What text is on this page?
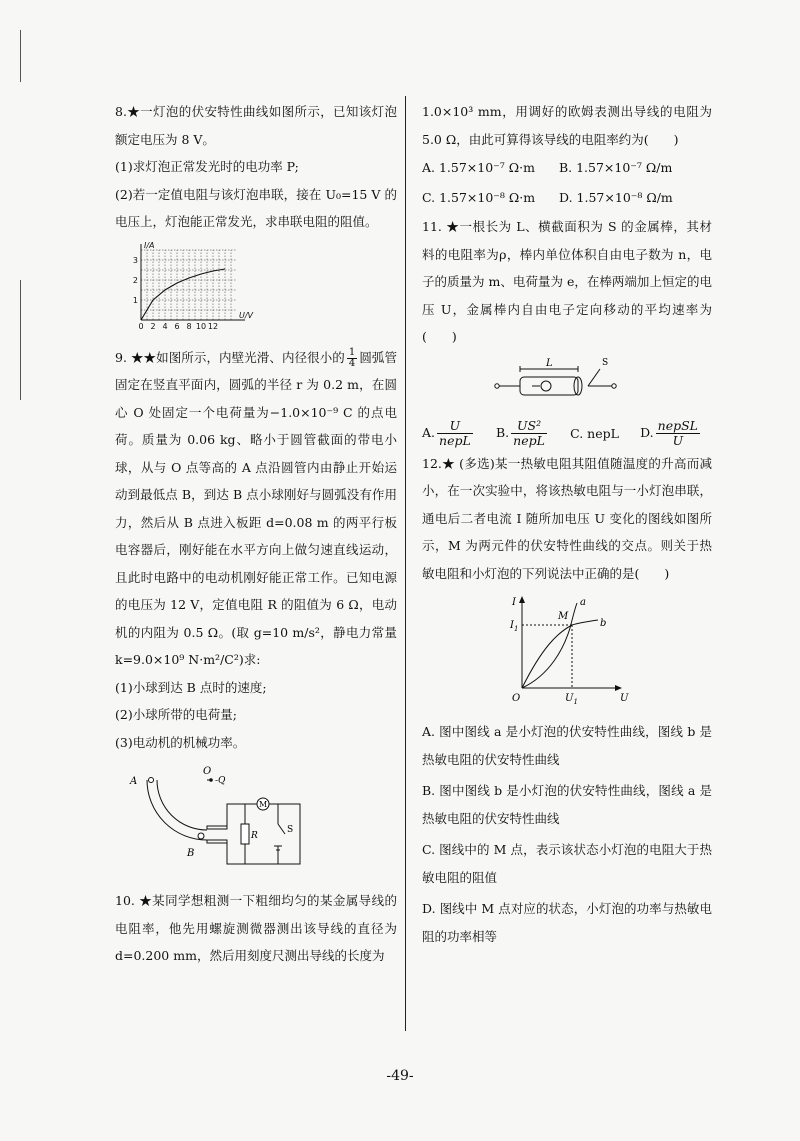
8.★一灯泡的伏安特性曲线如图所示，已知该灯泡额定电压为 8 V。

(1)求灯泡正常发光时的电功率 P;

(2)若一定值电阻与该灯泡串联，接在 U₀=15 V 的电压上，灯泡能正常发光，求串联电阻的阻值。

0 2 4 6 8 10 12
1
2
3
U/V
I/A

9. ★★如图所示，内壁光滑、内径很小的 $\frac{1}{4}$ 圆弧管固定在竖直平面内，圆弧的半径 r 为 0.2 m，在圆心 O 处固定一个电荷量为−1.0×10⁻⁹ C 的点电荷。质量为 0.06 kg、略小于圆管截面的带电小球，从与 O 点等高的 A 点沿圆管内由静止开始运动到最低点 B，到达 B 点小球刚好与圆弧没有作用力，然后从 B 点进入板距 d=0.08 m 的两平行板电容器后，刚好能在水平方向上做匀速直线运动，且此时电路中的电动机刚好能正常工作。已知电源的电压为 12 V，定值电阻 R 的阻值为 6 Ω，电动机的内阻为 0.5 Ω。(取 g=10 m/s²，静电力常量 k=9.0×10⁹ N·m²/C²)求:

(1)小球到达 B 点时的速度;

(2)小球所带的电荷量;

(3)电动机的机械功率。

A
O
-Q
B
R
M
S

10. ★某同学想粗测一下粗细均匀的某金属导线的电阻率，他先用螺旋测微器测出该导线的直径为 d=0.200 mm，然后用刻度尺测出导线的长度为

1.0×10³ mm，用调好的欧姆表测出导线的电阻为 5.0 Ω，由此可算得该导线的电阻率约为(　　)

A. 1.57×10⁻⁷ Ω·m B. 1.57×10⁻⁷ Ω/m
C. 1.57×10⁻⁸ Ω·m D. 1.57×10⁻⁸ Ω/m

11. ★一根长为 L、横截面积为 S 的金属棒，其材料的电阻率为ρ，棒内单位体积自由电子数为 n，电子的质量为 m、电荷量为 e，在棒两端加上恒定的电压 U，金属棒内自由电子定向移动的平均速率为(　　)

L	S
A. $\frac{U}{\text{nepL}} B$. $\frac{\text{US²}}{\text{nepL}} C$. nepL D. $\frac{\text{nepSL}}{U}$

12.★ (多选)某一热敏电阻其阻值随温度的升高而减小，在一次实验中，将该热敏电阻与一小灯泡串联，通电后二者电流 I 随所加电压 U 变化的图线如图所示，M 为两元件的伏安特性曲线的交点。则关于热敏电阻和小灯泡的下列说法中正确的是(　　)

I
$I_1$
O	$U_1$	U
a
b
M

A. 图中图线 a 是小灯泡的伏安特性曲线，图线 b 是热敏电阻的伏安特性曲线

B. 图中图线 b 是小灯泡的伏安特性曲线，图线 a 是热敏电阻的伏安特性曲线

C. 图线中的 M 点，表示该状态小灯泡的电阻大于热敏电阻的阻值

D. 图线中 M 点对应的状态，小灯泡的功率与热敏电阻的功率相等

-49-
